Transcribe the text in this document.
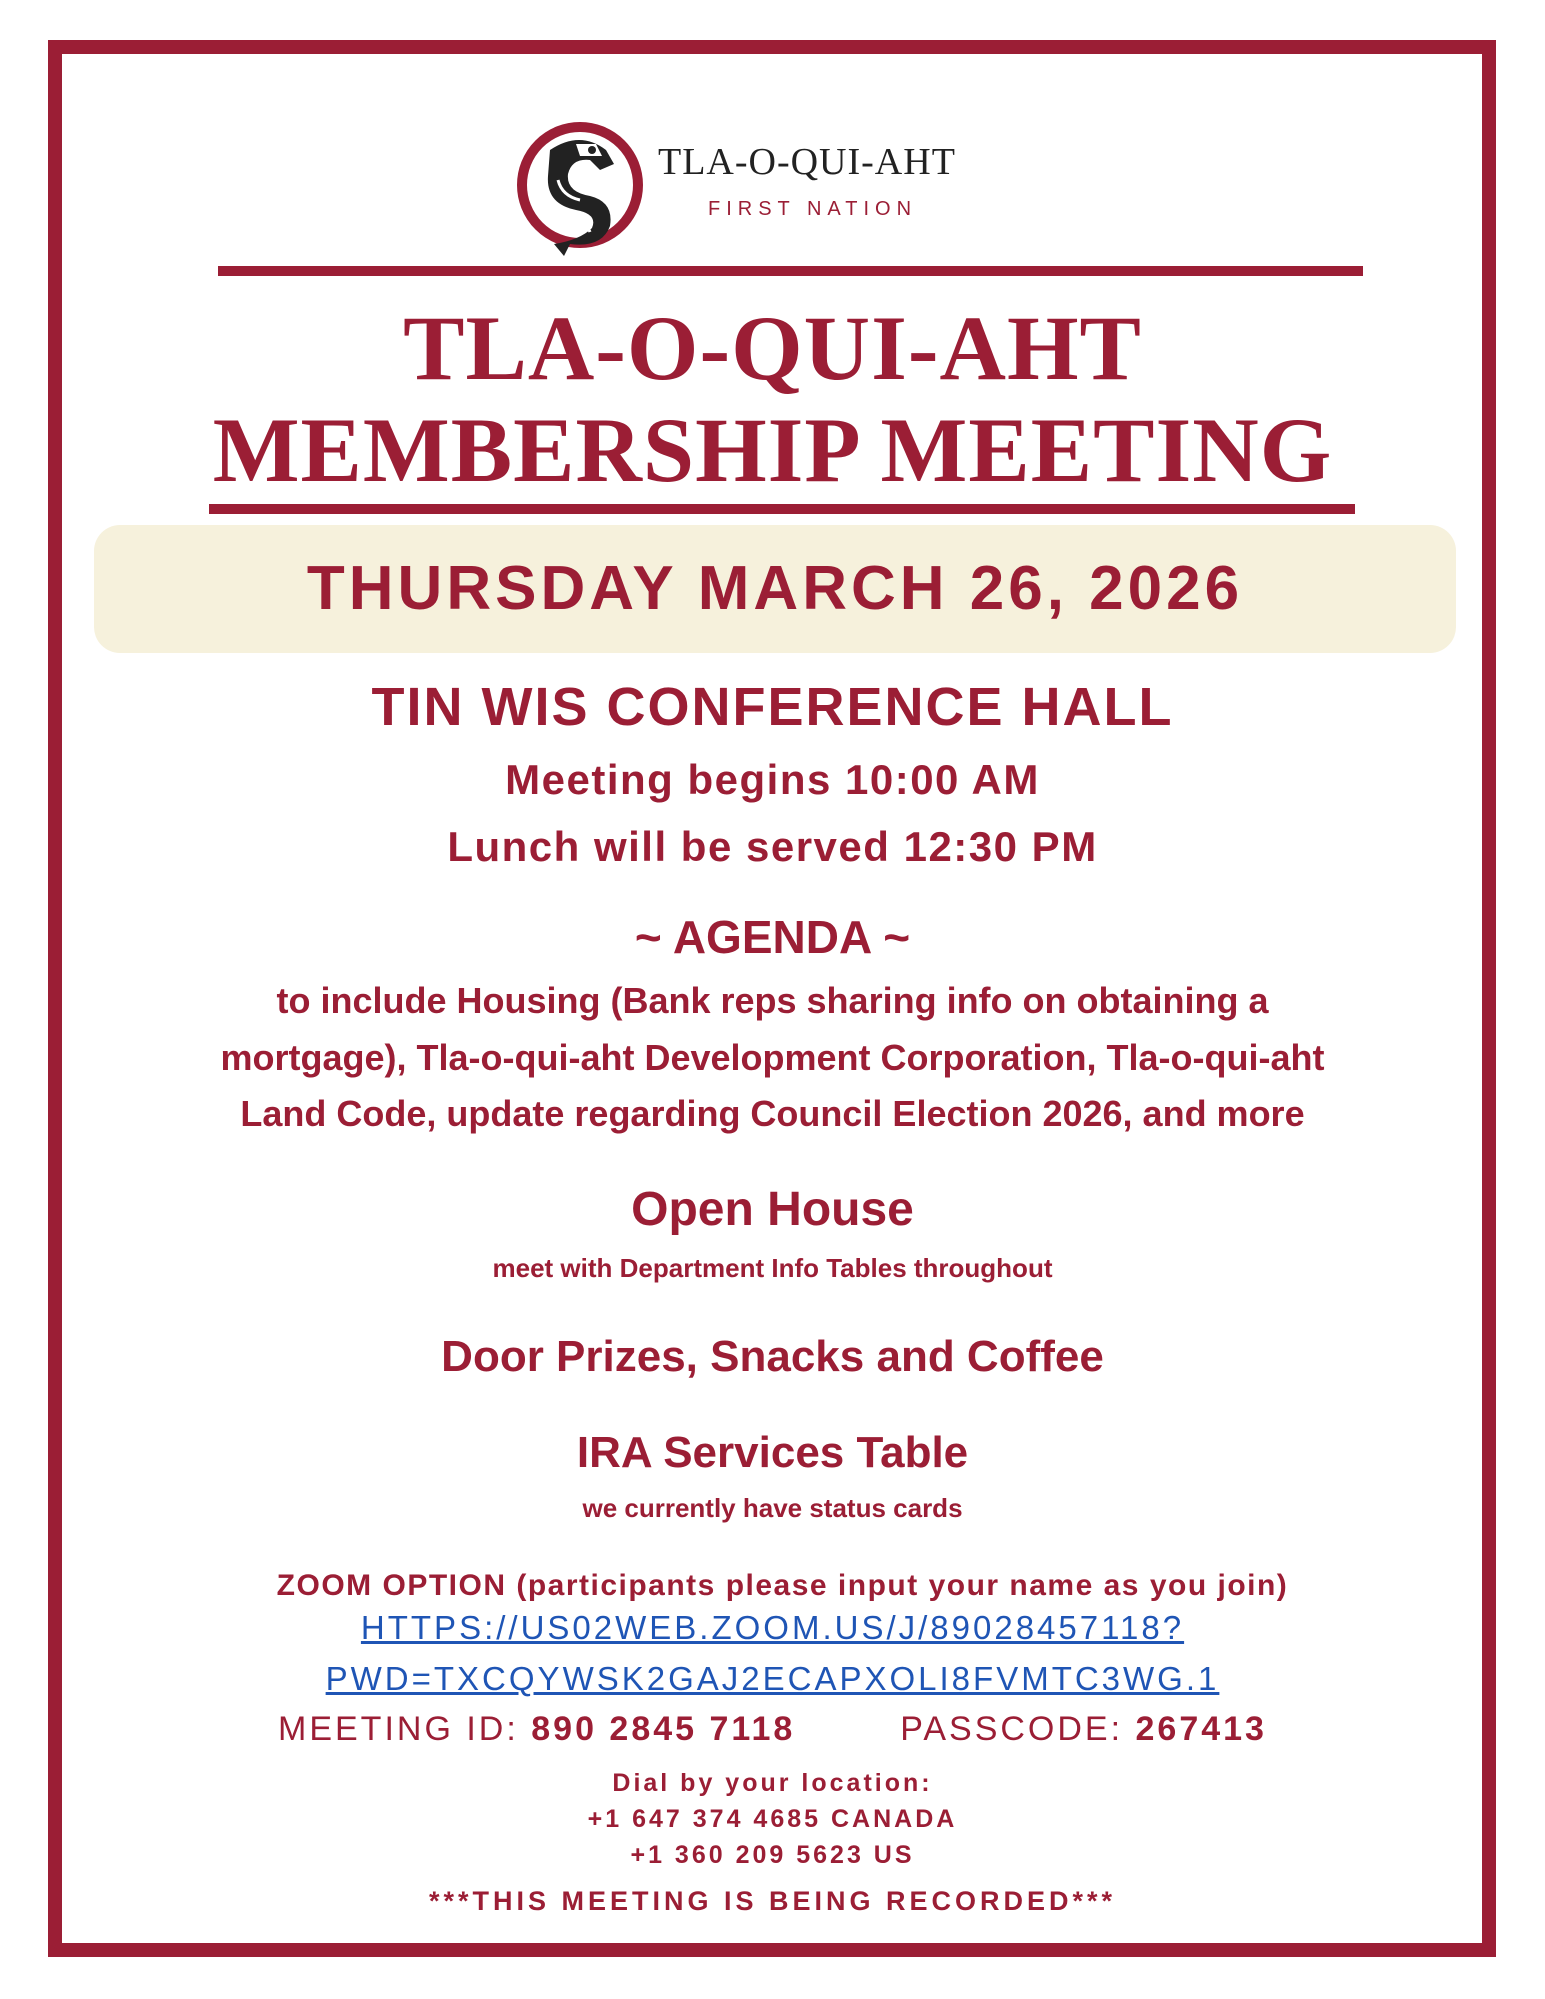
TLA-O-QUI-AHT
FIRST NATION
TLA-O-QUI-AHT
MEMBERSHIP MEETING
THURSDAY MARCH 26, 2026
TIN WIS CONFERENCE HALL
Meeting begins 10:00 AM
Lunch will be served 12:30 PM
~ AGENDA ~
to include Housing (Bank reps sharing info on obtaining a
mortgage), Tla-o-qui-aht Development Corporation, Tla-o-qui-aht
Land Code, update regarding Council Election 2026, and more
Open House
meet with Department Info Tables throughout
Door Prizes, Snacks and Coffee
IRA Services Table
we currently have status cards
ZOOM OPTION (participants please input your name as you join)
HTTPS://US02WEB.ZOOM.US/J/89028457118?
PWD=TXCQYWSK2GAJ2ECAPXOLI8FVMTC3WG.1
MEETING ID: 890 2845 7118	PASSCODE: 267413
Dial by your location:
+1 647 374 4685 CANADA
+1 360 209 5623 US
***THIS MEETING IS BEING RECORDED***
